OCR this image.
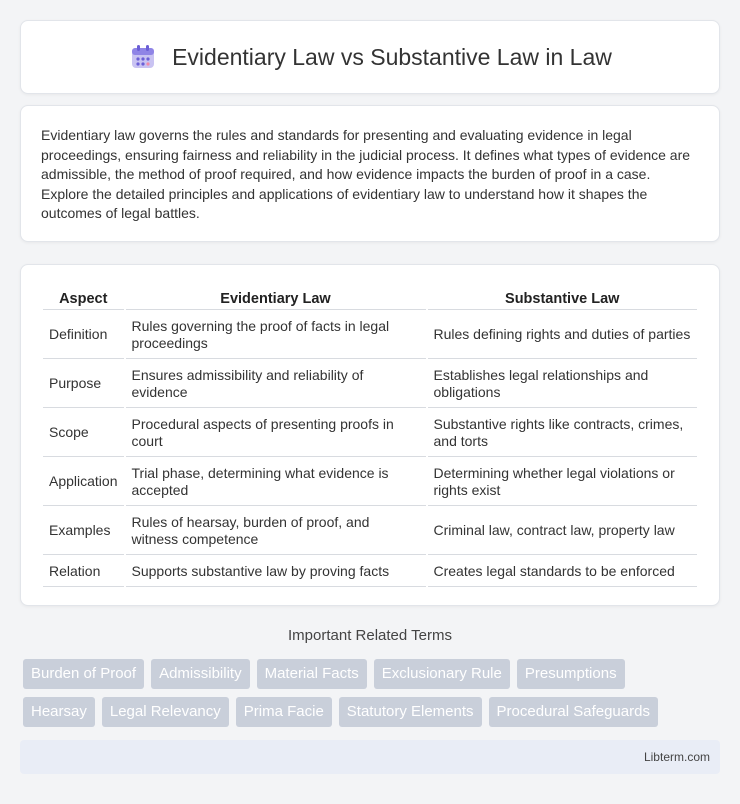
Evidentiary Law vs Substantive Law in Law

Evidentiary law governs the rules and standards for presenting and evaluating evidence in legal proceedings, ensuring fairness and reliability in the judicial process. It defines what types of evidence are admissible, the method of proof required, and how evidence impacts the burden of proof in a case. Explore the detailed principles and applications of evidentiary law to understand how it shapes the outcomes of legal battles.

Aspect	Evidentiary Law	Substantive Law
Definition	Rules governing the proof of facts in legal proceedings	Rules defining rights and duties of parties
Purpose	Ensures admissibility and reliability of evidence	Establishes legal relationships and obligations
Scope	Procedural aspects of presenting proofs in court	Substantive rights like contracts, crimes, and torts
Application	Trial phase, determining what evidence is accepted	Determining whether legal violations or rights exist
Examples	Rules of hearsay, burden of proof, and witness competence	Criminal law, contract law, property law
Relation	Supports substantive law by proving facts	Creates legal standards to be enforced
Important Related Terms
Burden of Proof	Admissibility	Material Facts	Exclusionary Rule	Presumptions
Hearsay	Legal Relevancy	Prima Facie	Statutory Elements	Procedural Safeguards
Libterm.com
